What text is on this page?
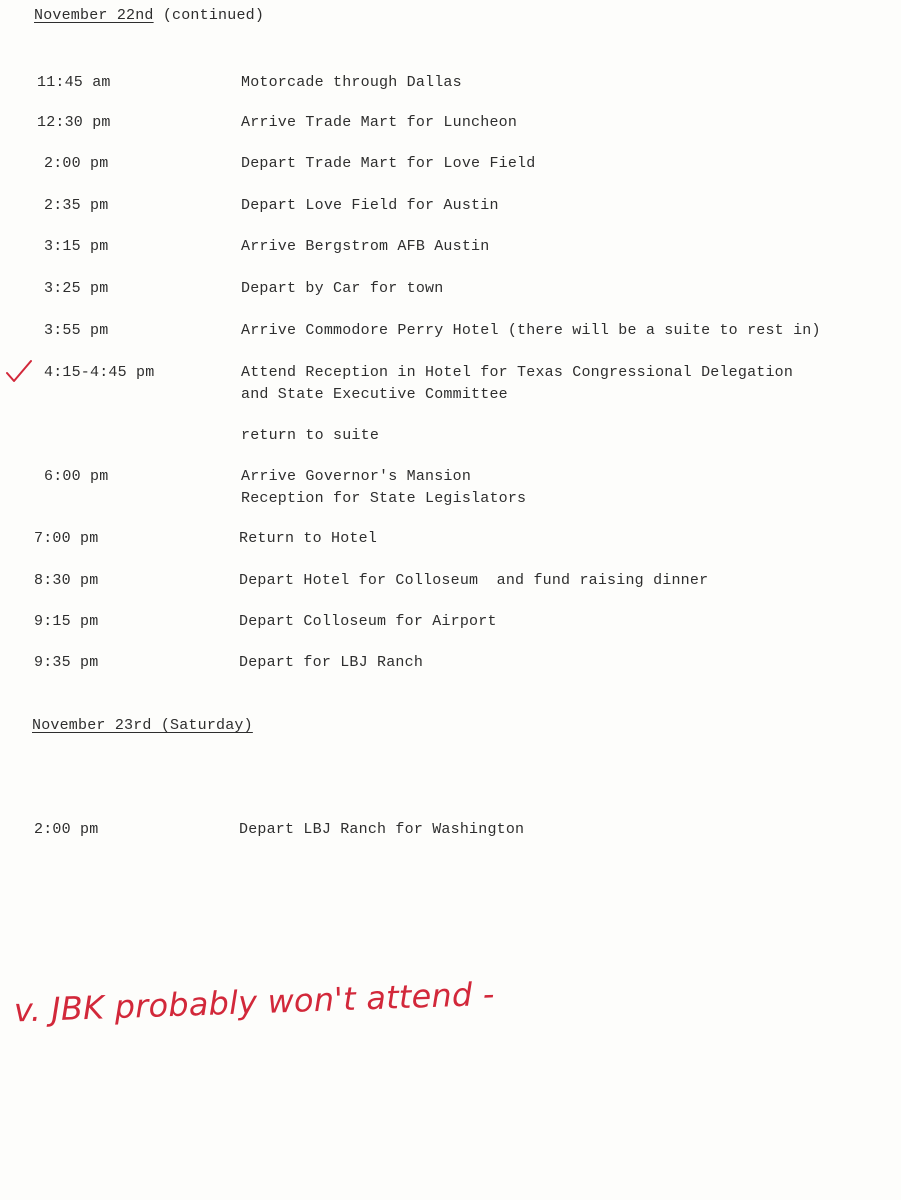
November 22nd (continued)
11:45 am	Motorcade through Dallas
12:30 pm	Arrive Trade Mart for Luncheon
2:00 pm	Depart Trade Mart for Love Field
2:35 pm	Depart Love Field for Austin
3:15 pm	Arrive Bergstrom AFB Austin
3:25 pm	Depart by Car for town
3:55 pm	Arrive Commodore Perry Hotel (there will be a suite to rest in)
4:15-4:45 pm	Attend Reception in Hotel for Texas Congressional Delegation
and State Executive Committee
return to suite
6:00 pm	Arrive Governor's Mansion
Reception for State Legislators
7:00 pm	Return to Hotel
8:30 pm	Depart Hotel for Colloseum  and fund raising dinner
9:15 pm	Depart Colloseum for Airport
9:35 pm	Depart for LBJ Ranch
November 23rd (Saturday)
2:00 pm	Depart LBJ Ranch for Washington
v. JBK probably won't attend -
